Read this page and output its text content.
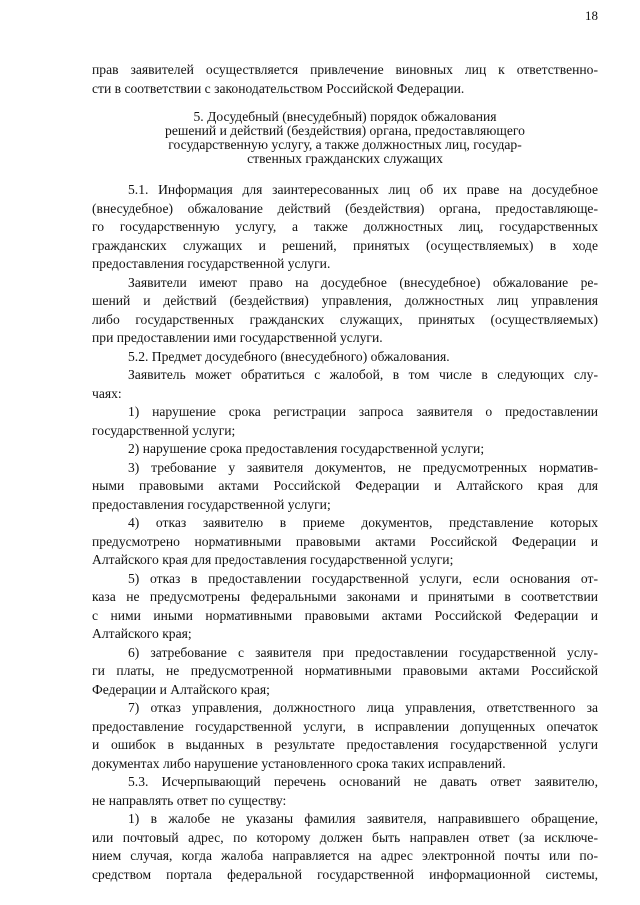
18
прав заявителей осуществляется привлечение виновных лиц к ответственно-
сти в соответствии с законодательством Российской Федерации.
5. Досудебный (внесудебный) порядок обжалования
решений и действий (бездействия) органа, предоставляющего
государственную услугу, а также должностных лиц, государ-
ственных гражданских служащих
5.1. Информация для заинтересованных лиц об их праве на досудебное
(внесудебное) обжалование действий (бездействия) органа, предоставляюще-
го государственную услугу, а также должностных лиц, государственных
гражданских служащих и решений, принятых (осуществляемых) в ходе
предоставления государственной услуги.
Заявители имеют право на досудебное (внесудебное) обжалование ре-
шений и действий (бездействия) управления, должностных лиц управления
либо государственных гражданских служащих, принятых (осуществляемых)
при предоставлении ими государственной услуги.
5.2. Предмет досудебного (внесудебного) обжалования.
Заявитель может обратиться с жалобой, в том числе в следующих слу-
чаях:
1) нарушение срока регистрации запроса заявителя о предоставлении
государственной услуги;
2) нарушение срока предоставления государственной услуги;
3) требование у заявителя документов, не предусмотренных норматив-
ными правовыми актами Российской Федерации и Алтайского края для
предоставления государственной услуги;
4) отказ заявителю в приеме документов, представление которых
предусмотрено нормативными правовыми актами Российской Федерации и
Алтайского края для предоставления государственной услуги;
5) отказ в предоставлении государственной услуги, если основания от-
каза не предусмотрены федеральными законами и принятыми в соответствии
с ними иными нормативными правовыми актами Российской Федерации и
Алтайского края;
6) затребование с заявителя при предоставлении государственной услу-
ги платы, не предусмотренной нормативными правовыми актами Российской
Федерации и Алтайского края;
7) отказ управления, должностного лица управления, ответственного за
предоставление государственной услуги, в исправлении допущенных опечаток
и ошибок в выданных в результате предоставления государственной услуги
документах либо нарушение установленного срока таких исправлений.
5.3. Исчерпывающий перечень оснований не давать ответ заявителю,
не направлять ответ по существу:
1) в жалобе не указаны фамилия заявителя, направившего обращение,
или почтовый адрес, по которому должен быть направлен ответ (за исключе-
нием случая, когда жалоба направляется на адрес электронной почты или по-
средством портала федеральной государственной информационной системы,
